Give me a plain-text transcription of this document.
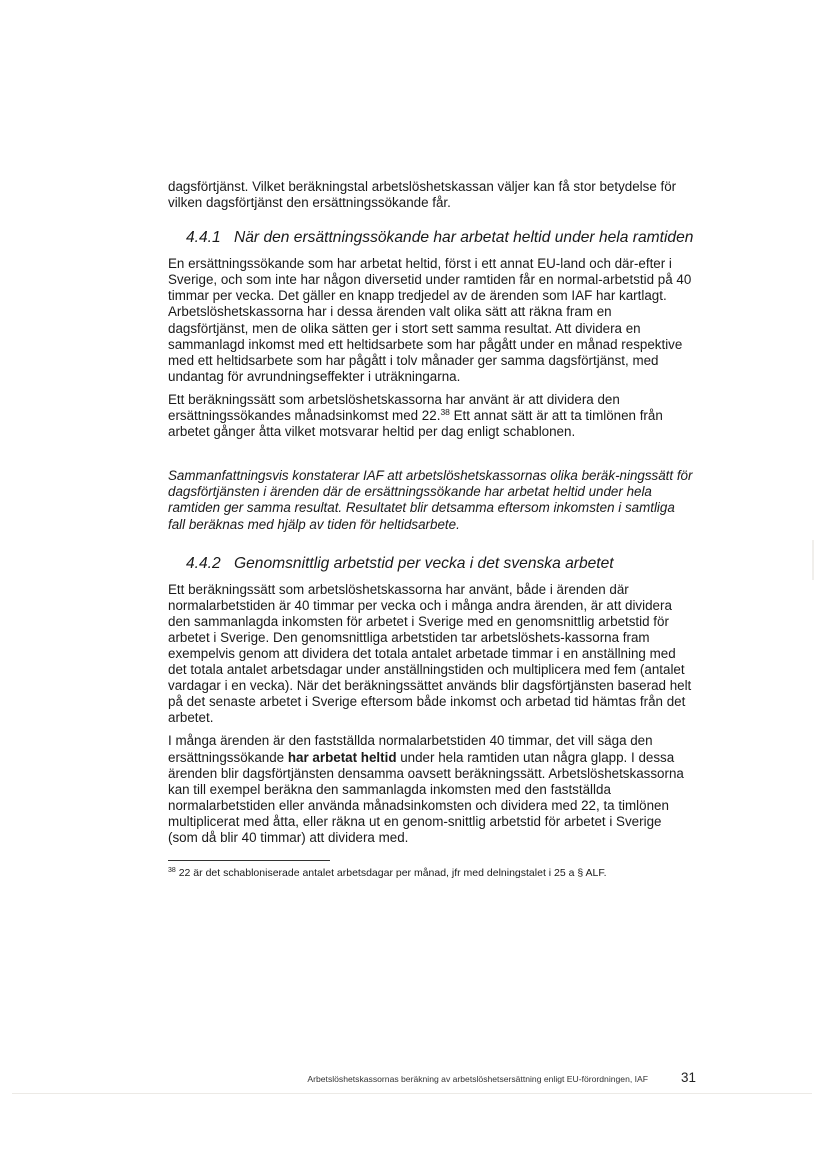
dagsförtjänst. Vilket beräkningstal arbetslöshetskassan väljer kan få stor betydelse för vilken dagsförtjänst den ersättningssökande får.

4.4.1 När den ersättningssökande har arbetat heltid under hela ramtiden

En ersättningssökande som har arbetat heltid, först i ett annat EU-land och där-efter i Sverige, och som inte har någon diversetid under ramtiden får en normal-arbetstid på 40 timmar per vecka. Det gäller en knapp tredjedel av de ärenden som IAF har kartlagt. Arbetslöshetskassorna har i dessa ärenden valt olika sätt att räkna fram en dagsförtjänst, men de olika sätten ger i stort sett samma resultat. Att dividera en sammanlagd inkomst med ett heltidsarbete som har pågått under en månad respektive med ett heltidsarbete som har pågått i tolv månader ger samma dagsförtjänst, med undantag för avrundningseffekter i uträkningarna.

Ett beräkningssätt som arbetslöshetskassorna har använt är att dividera den ersättningssökandes månadsinkomst med 22.38 Ett annat sätt är att ta timlönen från arbetet gånger åtta vilket motsvarar heltid per dag enligt schablonen.

Sammanfattningsvis konstaterar IAF att arbetslöshetskassornas olika beräk-ningssätt för dagsförtjänsten i ärenden där de ersättningssökande har arbetat heltid under hela ramtiden ger samma resultat. Resultatet blir detsamma eftersom inkomsten i samtliga fall beräknas med hjälp av tiden för heltidsarbete.

4.4.2 Genomsnittlig arbetstid per vecka i det svenska arbetet

Ett beräkningssätt som arbetslöshetskassorna har använt, både i ärenden där normalarbetstiden är 40 timmar per vecka och i många andra ärenden, är att dividera den sammanlagda inkomsten för arbetet i Sverige med en genomsnittlig arbetstid för arbetet i Sverige. Den genomsnittliga arbetstiden tar arbetslöshets-kassorna fram exempelvis genom att dividera det totala antalet arbetade timmar i en anställning med det totala antalet arbetsdagar under anställningstiden och multiplicera med fem (antalet vardagar i en vecka). När det beräkningssättet används blir dagsförtjänsten baserad helt på det senaste arbetet i Sverige eftersom både inkomst och arbetad tid hämtas från det arbetet.

I många ärenden är den fastställda normalarbetstiden 40 timmar, det vill säga den ersättningssökande har arbetat heltid under hela ramtiden utan några glapp. I dessa ärenden blir dagsförtjänsten densamma oavsett beräkningssätt. Arbetslöshetskassorna kan till exempel beräkna den sammanlagda inkomsten med den fastställda normalarbetstiden eller använda månadsinkomsten och dividera med 22, ta timlönen multiplicerat med åtta, eller räkna ut en genom-snittlig arbetstid för arbetet i Sverige (som då blir 40 timmar) att dividera med.

$^{38}$ 22 är det schabloniserade antalet arbetsdagar per månad, jfr med delningstalet i 25 a § ALF.
Arbetslöshetskassornas beräkning av arbetslöshetsersättning enligt EU-förordningen, IAF 31
